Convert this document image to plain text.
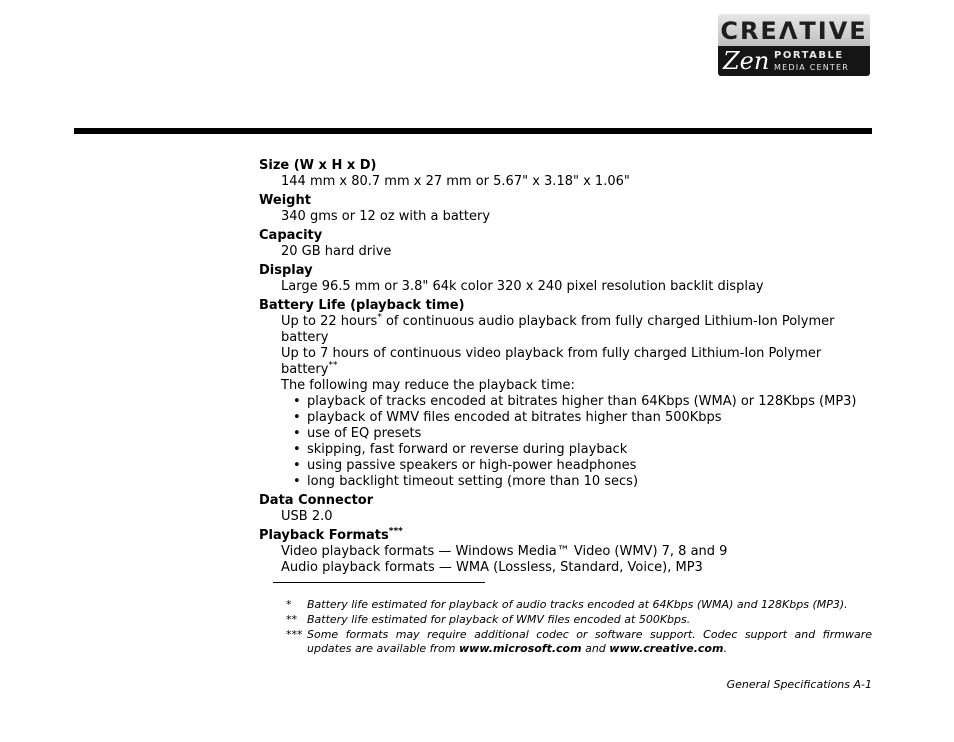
CREΛTIVE
Zen PORTABLE
MEDIA CENTER
Size (W x H x D)
144 mm x 80.7 mm x 27 mm or 5.67" x 3.18" x 1.06"
Weight
340 gms or 12 oz with a battery
Capacity
20 GB hard drive
Display
Large 96.5 mm or 3.8" 64k color 320 x 240 pixel resolution backlit display
Battery Life (playback time)
Up to 22 hours* of continuous audio playback from fully charged Lithium-Ion Polymer battery
Up to 7 hours of continuous video playback from fully charged Lithium-Ion Polymer battery**
The following may reduce the playback time:
• playback of tracks encoded at bitrates higher than 64Kbps (WMA) or 128Kbps (MP3)
• playback of WMV files encoded at bitrates higher than 500Kbps
• use of EQ presets
• skipping, fast forward or reverse during playback
• using passive speakers or high-power headphones
• long backlight timeout setting (more than 10 secs)
Data Connector
USB 2.0
Playback Formats***
Video playback formats — Windows Media™ Video (WMV) 7, 8 and 9
Audio playback formats — WMA (Lossless, Standard, Voice), MP3
* Battery life estimated for playback of audio tracks encoded at 64Kbps (WMA) and 128Kbps (MP3).
** Battery life estimated for playback of WMV files encoded at 500Kbps.
*** Some formats may require additional codec or software support. Codec support and firmware updates are available from www.microsoft.com and www.creative.com.
General Specifications A-1
